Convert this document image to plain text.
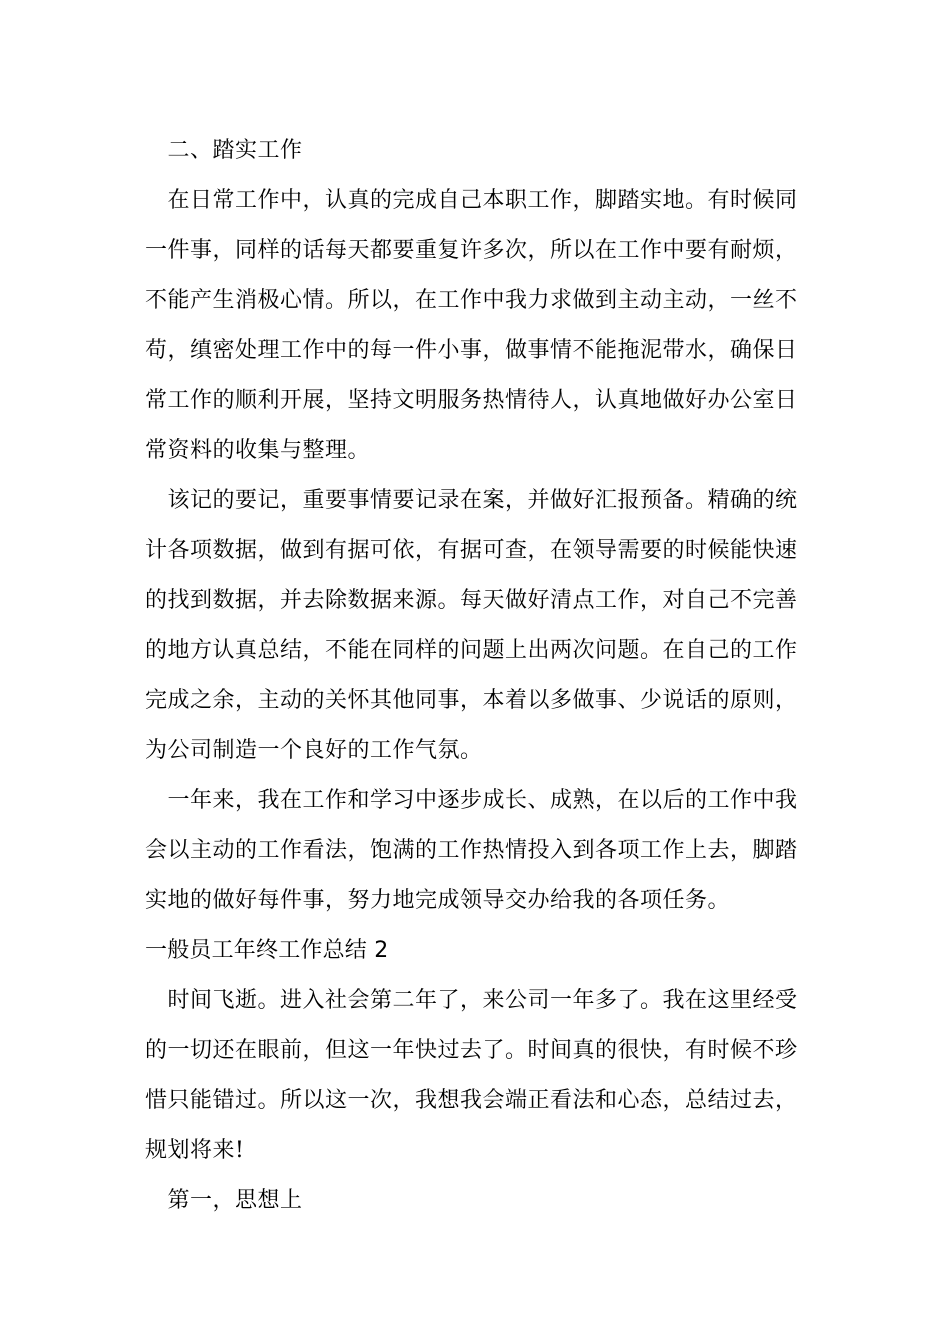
　二、踏实工作
　在日常工作中，认真的完成自己本职工作，脚踏实地。有时候同
一件事，同样的话每天都要重复许多次，所以在工作中要有耐烦，
不能产生消极心情。所以，在工作中我力求做到主动主动，一丝不
苟，缜密处理工作中的每一件小事，做事情不能拖泥带水，确保日
常工作的顺利开展，坚持文明服务热情待人，认真地做好办公室日
常资料的收集与整理。
　该记的要记，重要事情要记录在案，并做好汇报预备。精确的统
计各项数据，做到有据可依，有据可查，在领导需要的时候能快速
的找到数据，并去除数据来源。每天做好清点工作，对自己不完善
的地方认真总结，不能在同样的问题上出两次问题。在自己的工作
完成之余，主动的关怀其他同事，本着以多做事、少说话的原则，
为公司制造一个良好的工作气氛。
　一年来，我在工作和学习中逐步成长、成熟，在以后的工作中我
会以主动的工作看法，饱满的工作热情投入到各项工作上去，脚踏
实地的做好每件事，努力地完成领导交办给我的各项任务。
一般员工年终工作总结 2
　时间飞逝。进入社会第二年了，来公司一年多了。我在这里经受
的一切还在眼前，但这一年快过去了。时间真的很快，有时候不珍
惜只能错过。所以这一次，我想我会端正看法和心态，总结过去，
规划将来!
　第一，思想上
